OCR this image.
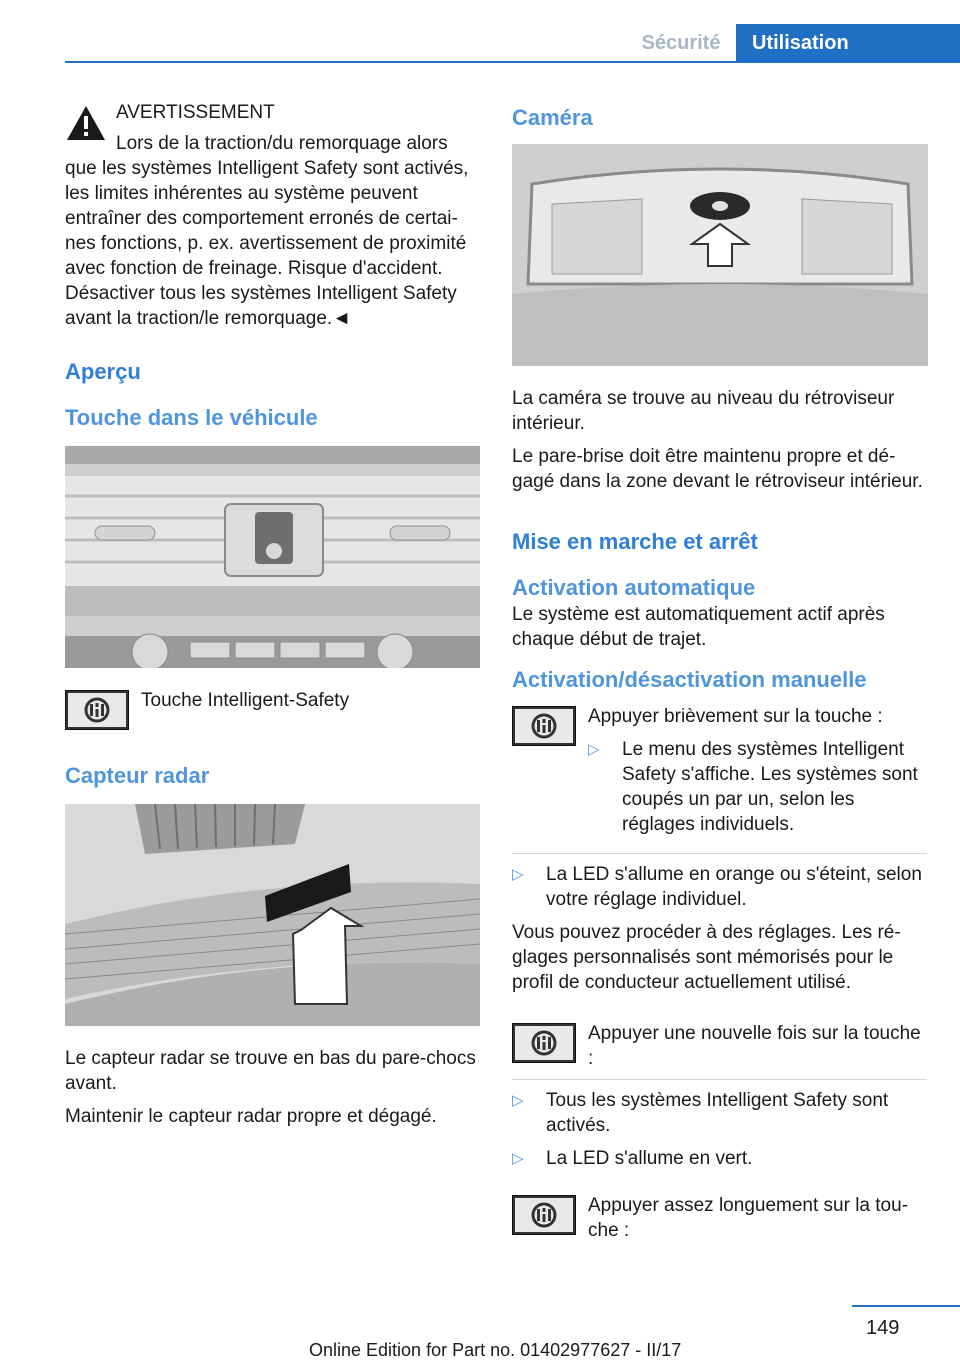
Sécurité	Utilisation
AVERTISSEMENT

Lors de la traction/du remorquage alors que les systèmes Intelligent Safety sont activés, les limites inhérentes au système peuvent entraîner des comportement erronés de certaines fonctions, p. ex. avertissement de proximité avec fonction de freinage. Risque d'accident. Désactiver tous les systèmes Intelligent Safety avant la traction/le remorquage.◄

Aperçu
Touche dans le véhicule
Touche Intelligent-Safety
Capteur radar

Le capteur radar se trouve en bas du pare-chocs avant.

Maintenir le capteur radar propre et dégagé.

Caméra

La caméra se trouve au niveau du rétroviseur intérieur.

Le pare-brise doit être maintenu propre et dégagé dans la zone devant le rétroviseur intérieur.

Mise en marche et arrêt
Activation automatique

Le système est automatiquement actif après chaque début de trajet.

Activation/désactivation manuelle

Appuyer brièvement sur la touche :

▷ Le menu des systèmes Intelligent Safety s'affiche. Les systèmes sont coupés un par un, selon les réglages individuels.
▷ La LED s'allume en orange ou s'éteint, selon votre réglage individuel.

Vous pouvez procéder à des réglages. Les réglages personnalisés sont mémorisés pour le profil de conducteur actuellement utilisé.

Appuyer une nouvelle fois sur la touche :
▷ Tous les systèmes Intelligent Safety sont activés.
▷ La LED s'allume en vert.
Appuyer assez longuement sur la touche :
149
Online Edition for Part no. 01402977627 - II/17
